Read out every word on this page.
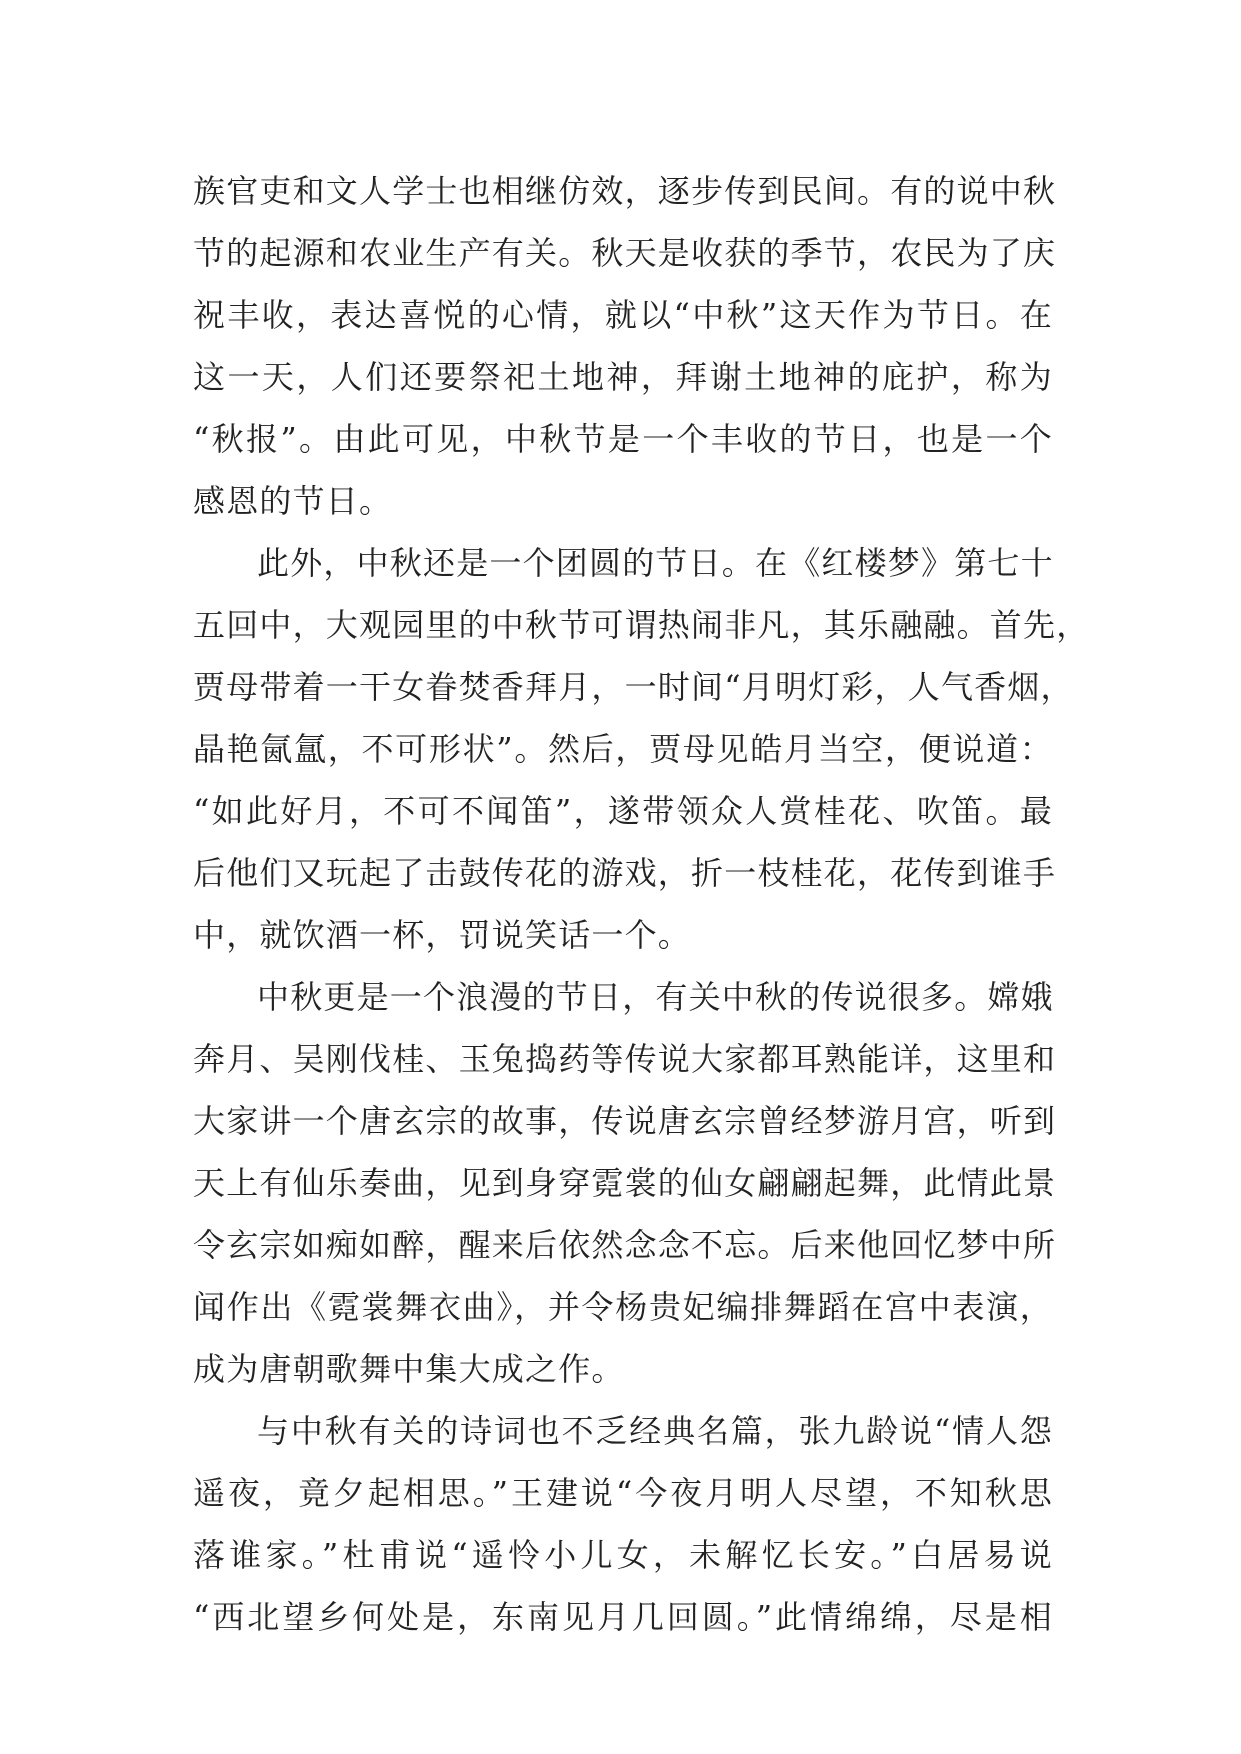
族官吏和文人学士也相继仿效，逐步传到民间。有的说中秋
节的起源和农业生产有关。秋天是收获的季节，农民为了庆
祝丰收，表达喜悦的心情，就以“中秋”这天作为节日。在
这一天，人们还要祭祀土地神，拜谢土地神的庇护，称为
“秋报”。由此可见，中秋节是一个丰收的节日，也是一个
感恩的节日。
此外，中秋还是一个团圆的节日。在《红楼梦》第七十
五回中，大观园里的中秋节可谓热闹非凡，其乐融融。首先，
贾母带着一干女眷焚香拜月，一时间“月明灯彩，人气香烟，
晶艳氤氲，不可形状”。然后，贾母见皓月当空，便说道：
“如此好月，不可不闻笛”，遂带领众人赏桂花、吹笛。最
后他们又玩起了击鼓传花的游戏，折一枝桂花，花传到谁手
中，就饮酒一杯，罚说笑话一个。
中秋更是一个浪漫的节日，有关中秋的传说很多。嫦娥
奔月、吴刚伐桂、玉兔捣药等传说大家都耳熟能详，这里和
大家讲一个唐玄宗的故事，传说唐玄宗曾经梦游月宫，听到
天上有仙乐奏曲，见到身穿霓裳的仙女翩翩起舞，此情此景
令玄宗如痴如醉，醒来后依然念念不忘。后来他回忆梦中所
闻作出《霓裳舞衣曲》，并令杨贵妃编排舞蹈在宫中表演，
成为唐朝歌舞中集大成之作。
与中秋有关的诗词也不乏经典名篇，张九龄说“情人怨
遥夜，竟夕起相思。”王建说“今夜月明人尽望，不知秋思
落谁家。”杜甫说“遥怜小儿女，未解忆长安。”白居易说
“西北望乡何处是，东南见月几回圆。”此情绵绵，尽是相
